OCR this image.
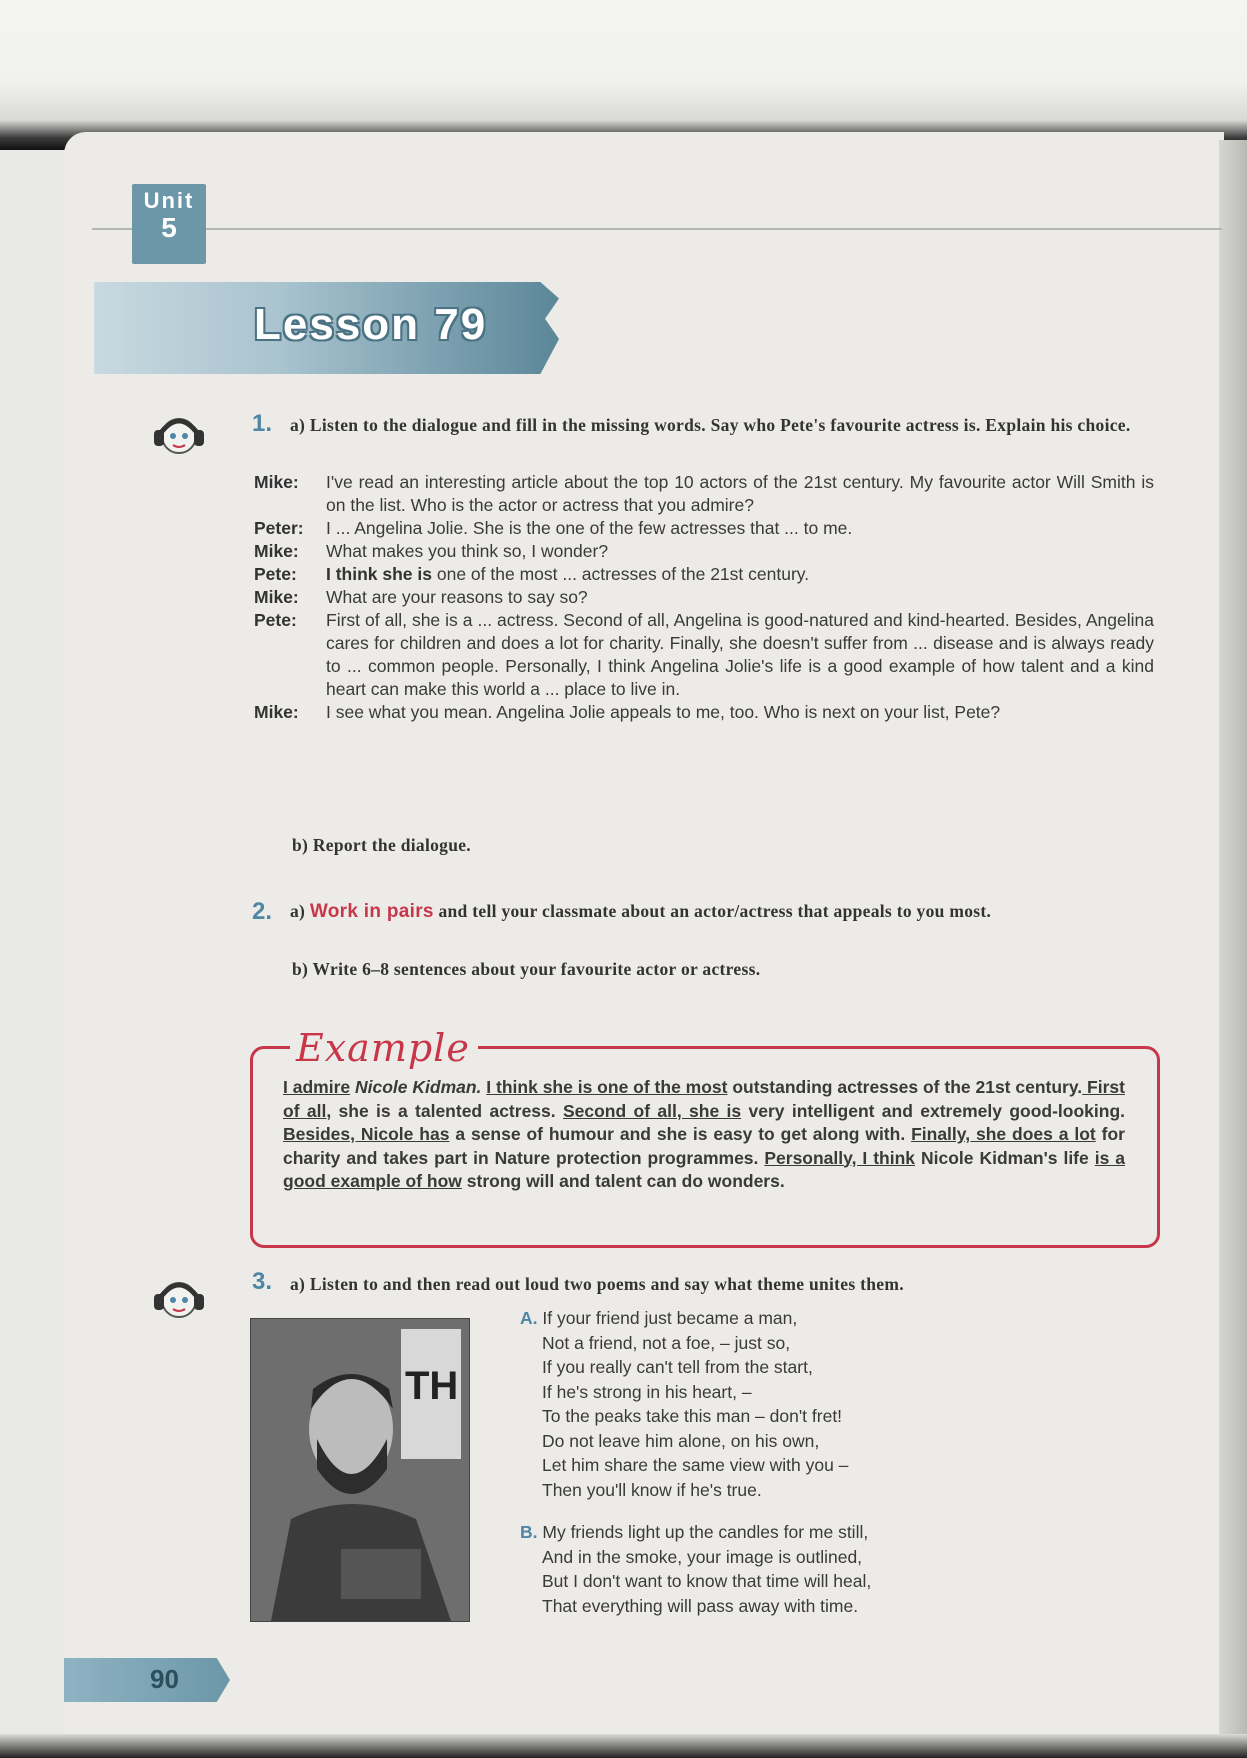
Unit
5
Lesson 79
1. a) Listen to the dialogue and fill in the missing words. Say who Pete's favourite actress is. Explain his choice.
Mike:	I've read an interesting article about the top 10 actors of the 21st century. My favourite actor Will Smith is on the list. Who is the actor or actress that you admire?
Peter:	I ... Angelina Jolie. She is the one of the few actresses that ... to me.
Mike:	What makes you think so, I wonder?
Pete:	I think she is one of the most ... actresses of the 21st century.
Mike:	What are your reasons to say so?
Pete:	First of all, she is a ... actress. Second of all, Angelina is good-natured and kind-hearted. Besides, Angelina cares for children and does a lot for charity. Finally, she doesn't suffer from ... disease and is always ready to ... common people. Personally, I think Angelina Jolie's life is a good example of how talent and a kind heart can make this world a ... place to live in.
Mike:	I see what you mean. Angelina Jolie appeals to me, too. Who is next on your list, Pete?
b) Report the dialogue.
2. a) Work in pairs and tell your classmate about an actor/actress that appeals to you most.
b) Write 6–8 sentences about your favourite actor or actress.
Example
I admire Nicole Kidman. I think she is one of the most outstanding actresses of the 21st century. First of all, she is a talented actress. Second of all, she is very intelligent and extremely good-looking. Besides, Nicole has a sense of humour and she is easy to get along with. Finally, she does a lot for charity and takes part in Nature protection programmes. Personally, I think Nicole Kidman's life is a good example of how strong will and talent can do wonders.
3. a) Listen to and then read out loud two poems and say what theme unites them.
TH
A. If your friend just became a man,
Not a friend, not a foe, – just so,
If you really can't tell from the start,
If he's strong in his heart, –
To the peaks take this man – don't fret!
Do not leave him alone, on his own,
Let him share the same view with you –
Then you'll know if he's true.
B. My friends light up the candles for me still,
And in the smoke, your image is outlined,
But I don't want to know that time will heal,
That everything will pass away with time.
90
